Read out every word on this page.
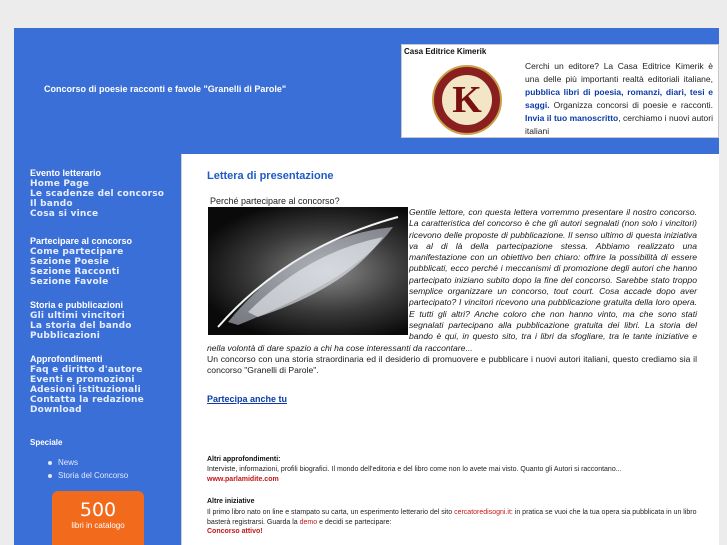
Concorso di poesie racconti e favole "Granelli di Parole"
Casa Editrice Kimerik
K
Cerchi un editore? La Casa Editrice Kimerik è una delle più importanti realtà editoriali italiane, pubblica libri di poesia, romanzi, diari, tesi e saggi. Organizza concorsi di poesie e racconti. Invia il tuo manoscritto, cerchiamo i nuovi autori italiani
Evento letterario
Home Page
Le scadenze del concorso
Il bando
Cosa si vince
Partecipare al concorso
Come partecipare
Sezione Poesie
Sezione Racconti
Sezione Favole
Storia e pubblicazioni
Gli ultimi vincitori
La storia del bando
Pubblicazioni
Approfondimenti
Faq e diritto d'autore
Eventi e promozioni
Adesioni istituzionali
Contatta la redazione
Download
Speciale
News
Storia del Concorso
500
libri in catalogo
Lettera di presentazione
Perché partecipare al concorso?
Gentile lettore, con questa lettera vorremmo presentare il nostro concorso. La caratteristica del concorso è che gli autori segnalati (non solo i vincitori) ricevono delle proposte di pubblicazione. Il senso ultimo di questa iniziativa va al di là della partecipazione stessa. Abbiamo realizzato una manifestazione con un obiettivo ben chiaro: offrire la possibilità di essere pubblicati, ecco perché i meccanismi di promozione degli autori che hanno partecipato iniziano subito dopo la fine del concorso. Sarebbe stato troppo semplice organizzare un concorso, tout court. Cosa accade dopo aver partecipato? I vincitori ricevono una pubblicazione gratuita della loro opera. E tutti gli altri? Anche coloro che non hanno vinto, ma che sono stati segnalati partecipano alla pubblicazione gratuita dei libri. La storia del bando è qui, in questo sito, tra i libri da sfogliare, tra le tante iniziative e nella volontà di dare spazio a chi ha cose interessanti da raccontare...
Un concorso con una storia straordinaria ed il desiderio di promuovere e pubblicare i nuovi autori italiani, questo crediamo sia il concorso "Granelli di Parole".
Partecipa anche tu
Altri approfondimenti:
Interviste, informazioni, profili biografici. Il mondo dell'editoria e del libro come non lo avete mai visto. Quanto gli Autori si raccontano...
www.parlamidite.com
Altre iniziative
Il primo libro nato on line e stampato su carta, un esperimento letterario del sito cercatoredisogni.it: in pratica se vuoi che la tua opera sia pubblicata in un libro basterà registrarsi. Guarda la demo e decidi se partecipare:
Concorso attivo!
